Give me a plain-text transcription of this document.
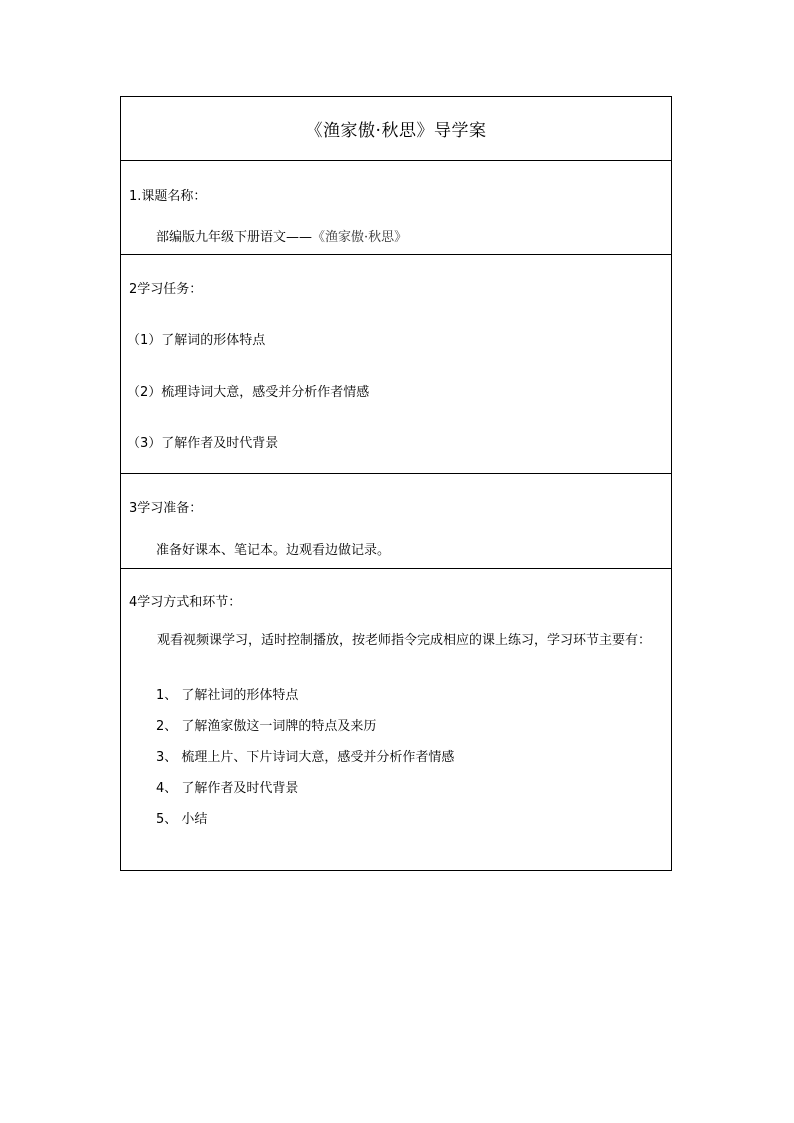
《渔家傲·秋思》导学案
1.课题名称：
部编版九年级下册语文——《渔家傲·秋思》
2学习任务：
（1）了解词的形体特点
（2）梳理诗词大意，感受并分析作者情感
（3）了解作者及时代背景
3学习准备：
准备好课本、笔记本。边观看边做记录。
4学习方式和环节：
观看视频课学习，适时控制播放，按老师指令完成相应的课上练习，学习环节主要有：
1、 了解社词的形体特点
2、 了解渔家傲这一词牌的特点及来历
3、 梳理上片、下片诗词大意，感受并分析作者情感
4、 了解作者及时代背景
5、 小结
